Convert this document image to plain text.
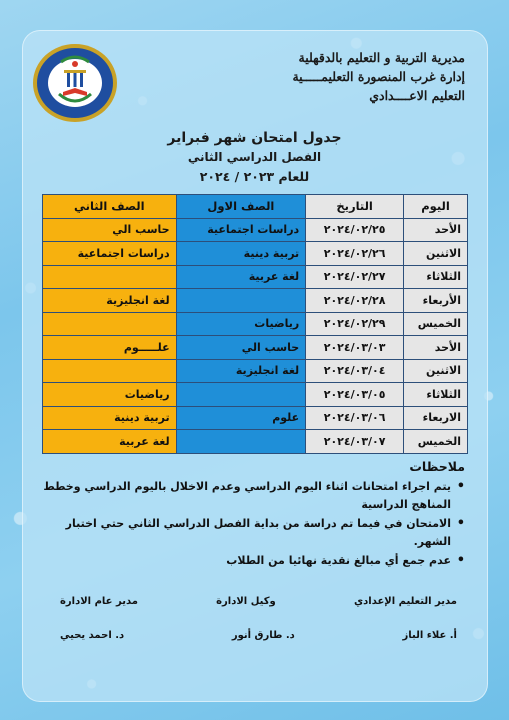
مديرية التربية و التعليم بالدقهلية
إدارة غرب المنصورة التعليمـــــية
التعليم الاعــــدادي
جدول امتحان شهر فبراير
الفصل الدراسي الثاني
للعام ٢٠٢٣ / ٢٠٢٤
اليوم	التاريخ	الصف الاول	الصف الثاني
الأحد	٢٠٢٤/٠٢/٢٥	دراسات اجتماعية	حاسب الي
الاثنين	٢٠٢٤/٠٢/٢٦	تربية دينية	دراسات اجتماعية
الثلاثاء	٢٠٢٤/٠٢/٢٧	لغة عربية	
الأربعاء	٢٠٢٤/٠٢/٢٨		لغة انجليزية
الخميس	٢٠٢٤/٠٢/٢٩	رياضيات	
الأحد	٢٠٢٤/٠٣/٠٣	حاسب الي	علـــــوم
الاثنين	٢٠٢٤/٠٣/٠٤	لغة انجليزية	
الثلاثاء	٢٠٢٤/٠٣/٠٥		رياضيات
الاربعاء	٢٠٢٤/٠٣/٠٦	علوم	تربية دينية
الخميس	٢٠٢٤/٠٣/٠٧		لغة عربية
ملاحظات
• يتم اجراء امتحانات اثناء اليوم الدراسي وعدم الاخلال باليوم الدراسي وخطط المناهج الدراسية
• الامتحان في فيما تم دراسة من بداية الفصل الدراسي الثاني حتي اختبار الشهر.
• عدم جمع أي مبالغ نقدية نهائيا من الطلاب
مدير التعليم الإعدادي
وكيل الادارة
مدير عام الادارة
أ. علاء الباز
د. طارق أنور
د. احمد يحيي
